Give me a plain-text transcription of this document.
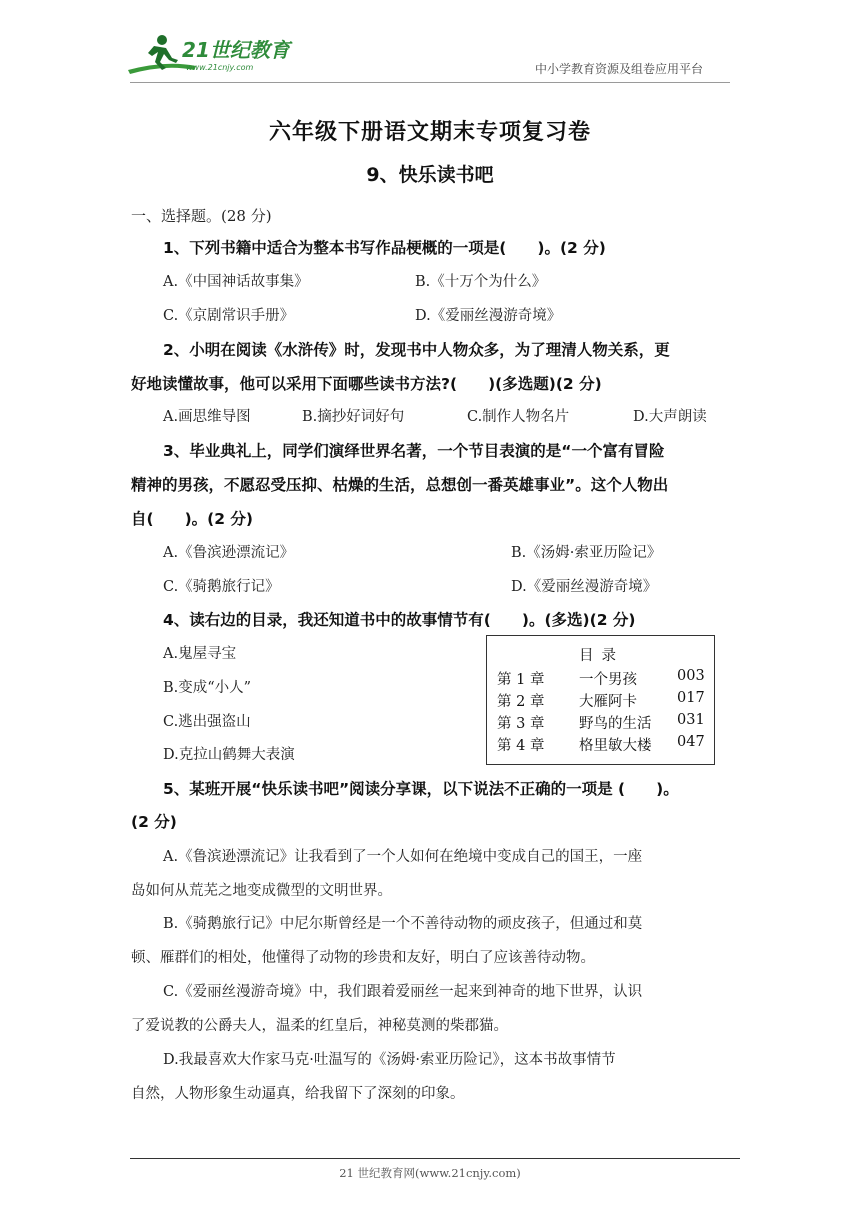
21世纪教育
www.21cnjy.com	中小学教育资源及组卷应用平台
六年级下册语文期末专项复习卷
9、快乐读书吧
一、选择题。(28 分)
1、下列书籍中适合为整本书写作品梗概的一项是(　　)。(2 分)
A.《中国神话故事集》	B.《十万个为什么》
C.《京剧常识手册》	D.《爱丽丝漫游奇境》
2、小明在阅读《水浒传》时，发现书中人物众多，为了理清人物关系，更
好地读懂故事，他可以采用下面哪些读书方法?(　　)(多选题)(2 分)
A.画思维导图	B.摘抄好词好句	C.制作人物名片	D.大声朗读
3、毕业典礼上，同学们演绎世界名著，一个节目表演的是“一个富有冒险
精神的男孩，不愿忍受压抑、枯燥的生活，总想创一番英雄事业”。这个人物出
自(　　)。(2 分)
A.《鲁滨逊漂流记》	B.《汤姆·索亚历险记》
C.《骑鹅旅行记》	D.《爱丽丝漫游奇境》
4、读右边的目录，我还知道书中的故事情节有(　　)。(多选)(2 分)
A.鬼屋寻宝
B.变成“小人”
C.逃出强盗山
D.克拉山鹤舞大表演
目录
第 1 章 一个男孩	003
第 2 章 大雁阿卡	017
第 3 章 野鸟的生活 031
第 4 章 格里敏大楼 047
5、某班开展“快乐读书吧”阅读分享课，以下说法不正确的一项是 (　　)。
(2 分)
A.《鲁滨逊漂流记》让我看到了一个人如何在绝境中变成自己的国王，一座
岛如何从荒芜之地变成微型的文明世界。
B.《骑鹅旅行记》中尼尔斯曾经是一个不善待动物的顽皮孩子，但通过和莫
顿、雁群们的相处，他懂得了动物的珍贵和友好，明白了应该善待动物。
C.《爱丽丝漫游奇境》中，我们跟着爱丽丝一起来到神奇的地下世界，认识
了爱说教的公爵夫人，温柔的红皇后，神秘莫测的柴郡猫。
D.我最喜欢大作家马克·吐温写的《汤姆·索亚历险记》，这本书故事情节
自然，人物形象生动逼真，给我留下了深刻的印象。
21 世纪教育网(www.21cnjy.com)
